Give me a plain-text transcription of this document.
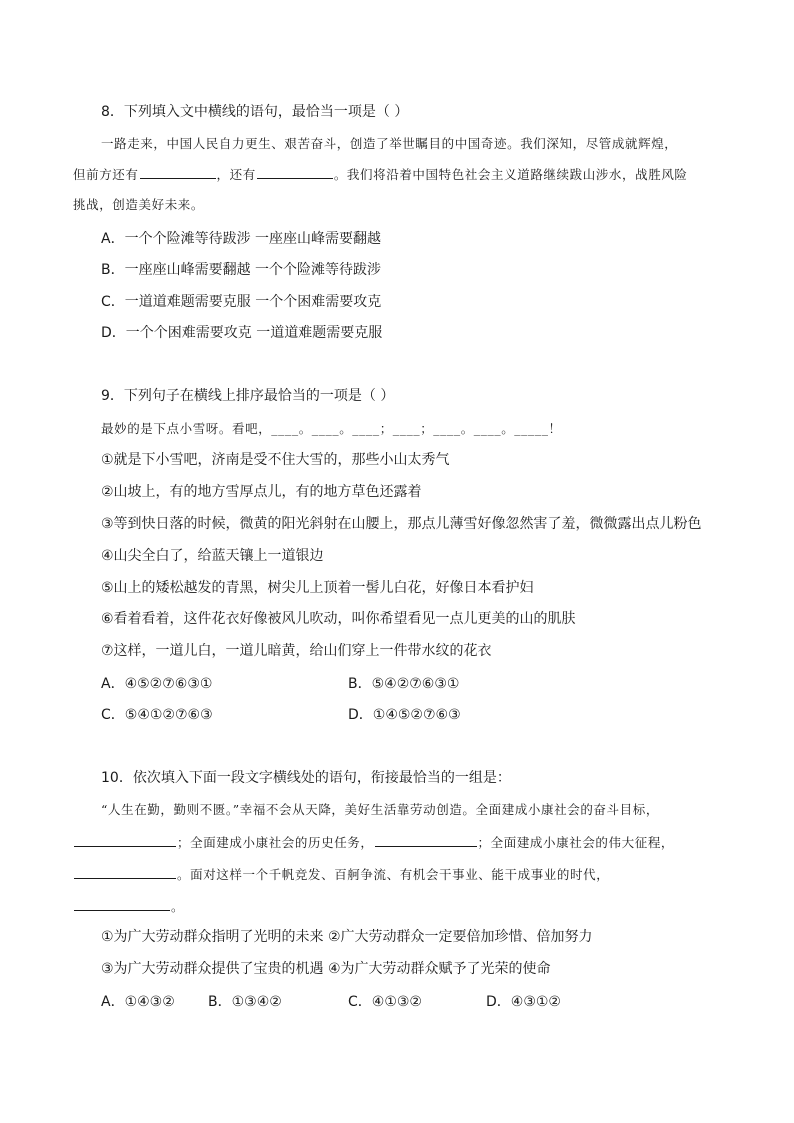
8．下列填入文中横线的语句，最恰当一项是（ ）
一路走来，中国人民自力更生、艰苦奋斗，创造了举世瞩目的中国奇迹。我们深知，尽管成就辉煌，
但前方还有	，还有	。我们将沿着中国特色社会主义道路继续跋山涉水，战胜风险
挑战，创造美好未来。
A．一个个险滩等待跋涉 一座座山峰需要翻越
B．一座座山峰需要翻越 一个个险滩等待跋涉
C．一道道难题需要克服 一个个困难需要攻克
D．一个个困难需要攻克 一道道难题需要克服
9．下列句子在横线上排序最恰当的一项是（ ）
最妙的是下点小雪呀。看吧，____。____。____；____；____。____。_____！
①就是下小雪吧，济南是受不住大雪的，那些小山太秀气
②山坡上，有的地方雪厚点儿，有的地方草色还露着
③等到快日落的时候，微黄的阳光斜射在山腰上，那点儿薄雪好像忽然害了羞，微微露出点儿粉色
④山尖全白了，给蓝天镶上一道银边
⑤山上的矮松越发的青黑，树尖儿上顶着一髻儿白花，好像日本看护妇
⑥看着看着，这件花衣好像被风儿吹动，叫你希望看见一点儿更美的山的肌肤
⑦这样，一道儿白，一道儿暗黄，给山们穿上一件带水纹的花衣
A．④⑤②⑦⑥③①	B．⑤④②⑦⑥③①
C．⑤④①②⑦⑥③	D．①④⑤②⑦⑥③
10．依次填入下面一段文字横线处的语句，衔接最恰当的一组是：
“人生在勤，勤则不匮。”幸福不会从天降，美好生活靠劳动创造。全面建成小康社会的奋斗目标，
；全面建成小康社会的历史任务，	；全面建成小康社会的伟大征程，
。面对这样一个千帆竞发、百舸争流、有机会干事业、能干成事业的时代，
。
①为广大劳动群众指明了光明的未来 ②广大劳动群众一定要倍加珍惜、倍加努力
③为广大劳动群众提供了宝贵的机遇 ④为广大劳动群众赋予了光荣的使命
A．①④③② B．①③④②	C．④①③②	D．④③①②
